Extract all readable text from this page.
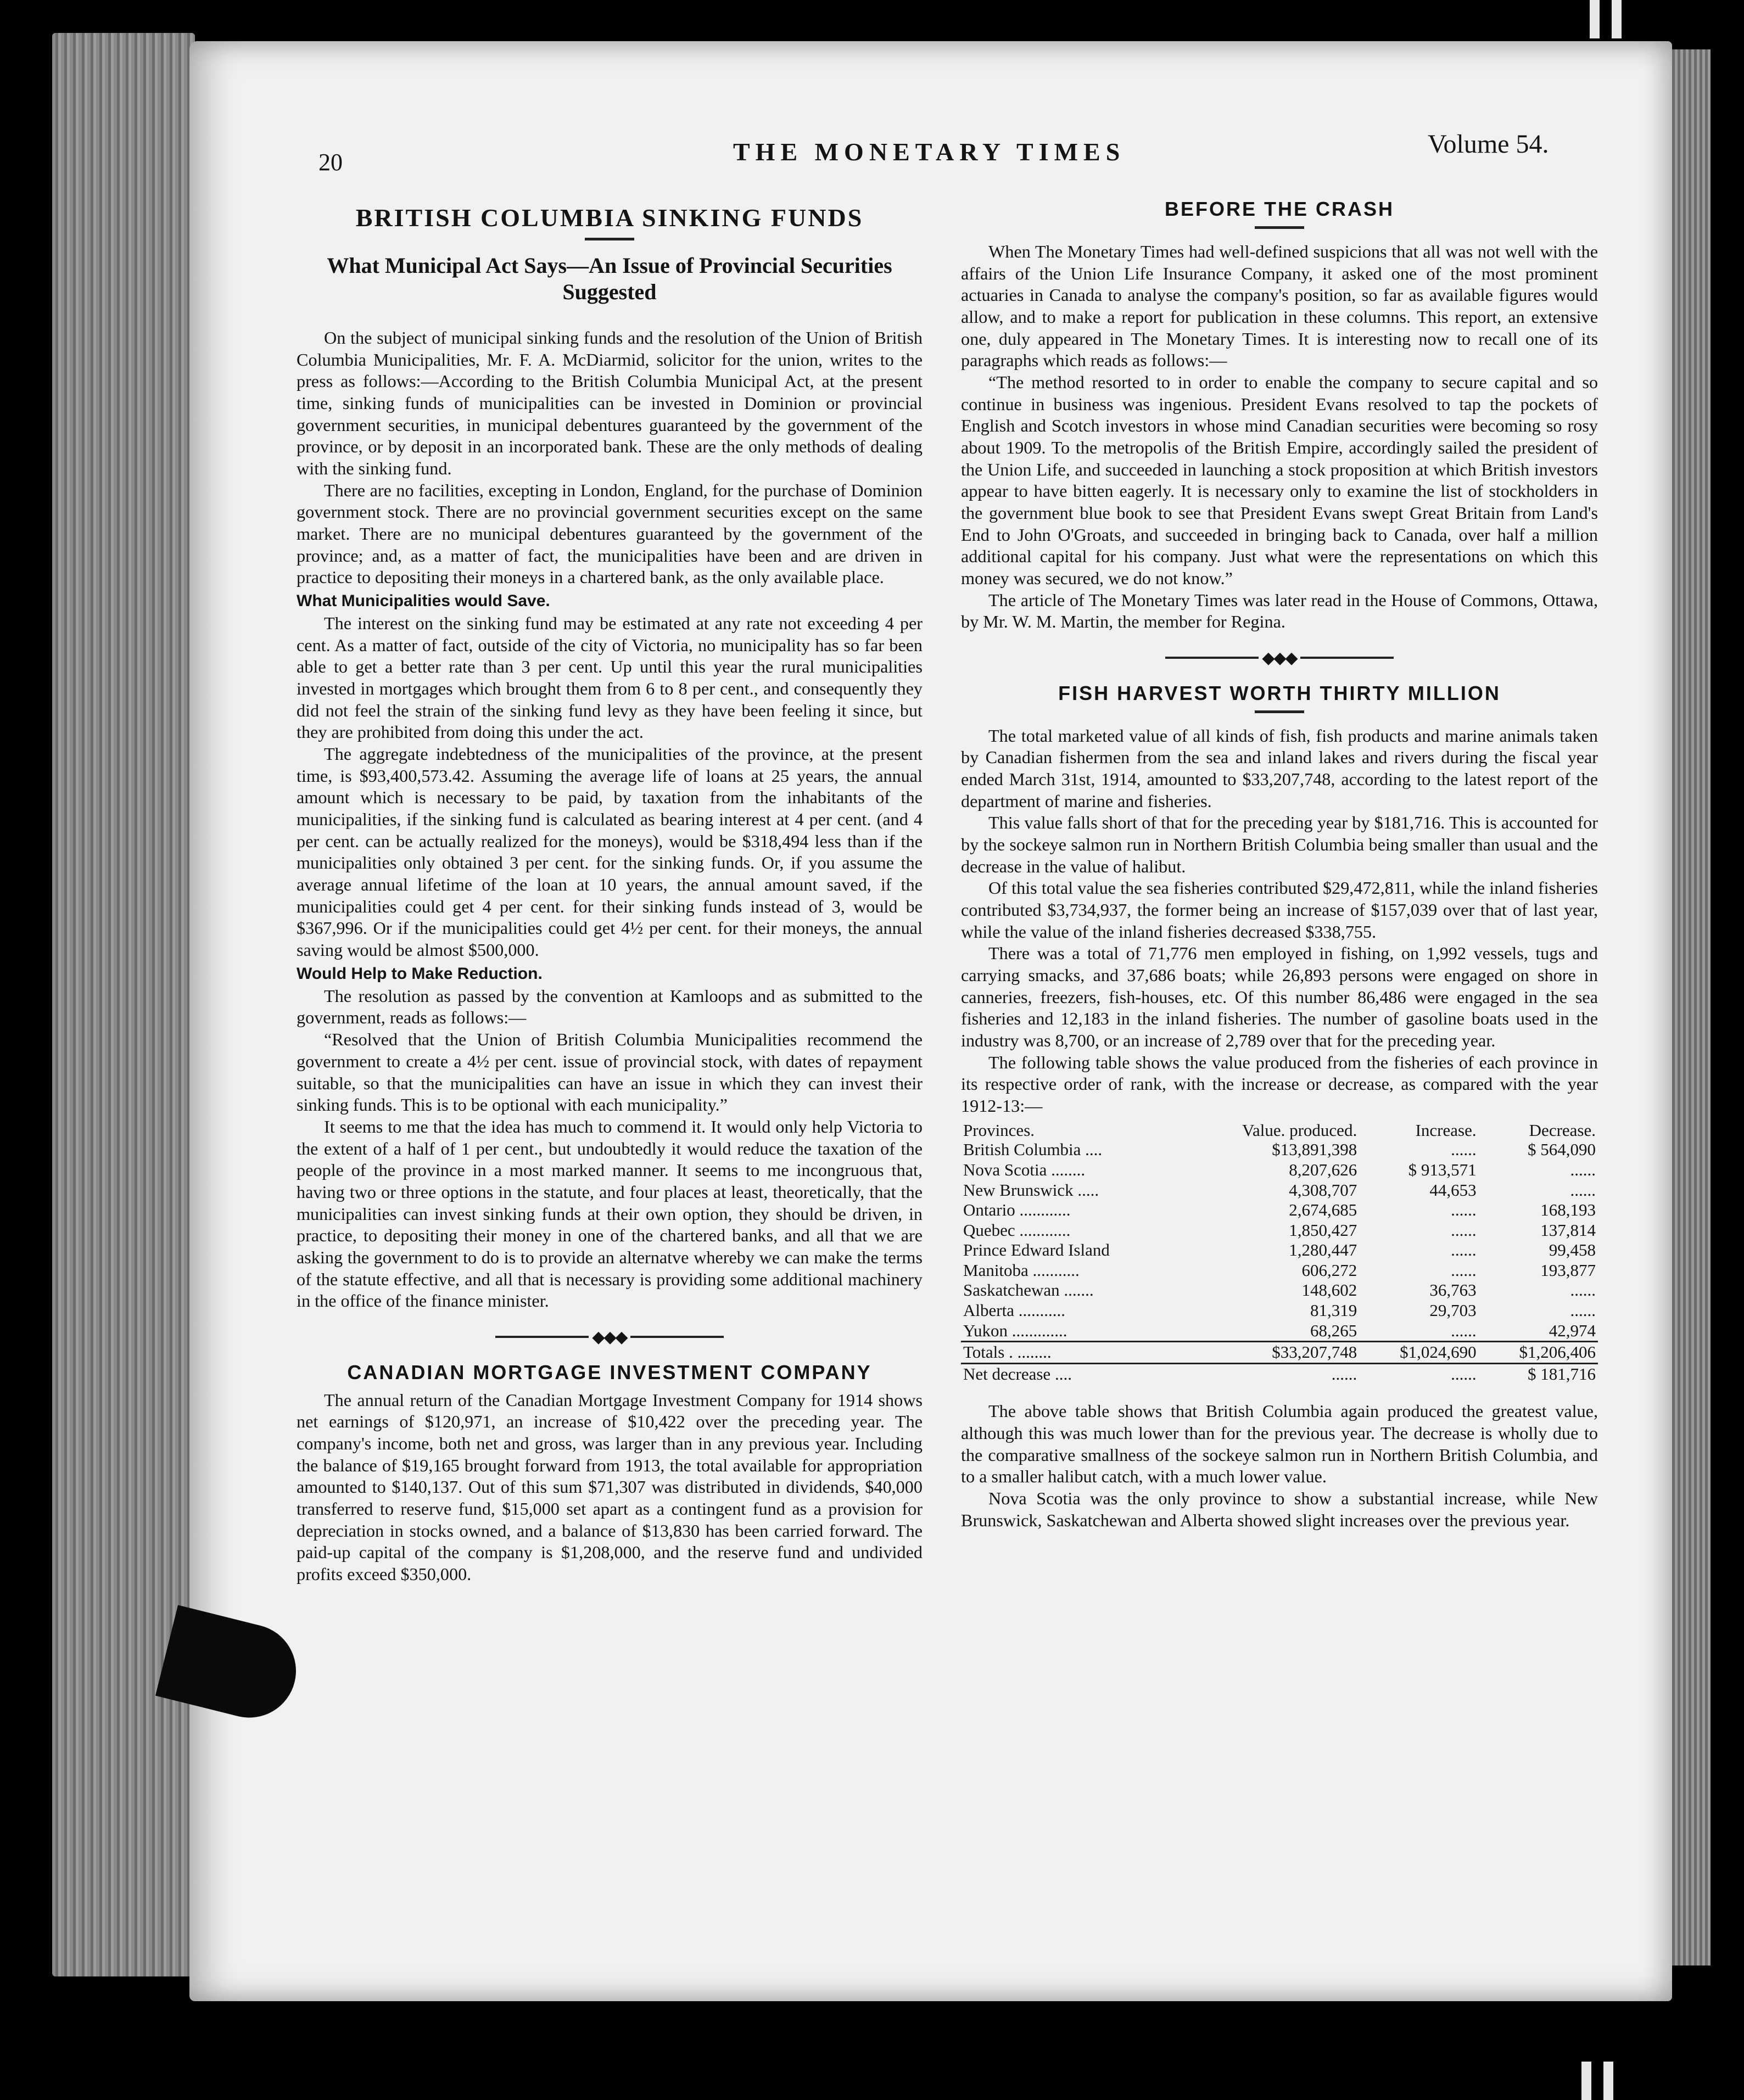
20	THE MONETARY TIMES	Volume 54.
BRITISH COLUMBIA SINKING FUNDS
What Municipal Act Says—An Issue of Provincial Securities Suggested

On the subject of municipal sinking funds and the resolution of the Union of British Columbia Municipalities, Mr. F. A. McDiarmid, solicitor for the union, writes to the press as follows:—According to the British Columbia Municipal Act, at the present time, sinking funds of municipalities can be invested in Dominion or provincial government securities, in municipal debentures guaranteed by the government of the province, or by deposit in an incorporated bank. These are the only methods of dealing with the sinking fund.

There are no facilities, excepting in London, England, for the purchase of Dominion government stock. There are no provincial government securities except on the same market. There are no municipal debentures guaranteed by the government of the province; and, as a matter of fact, the municipalities have been and are driven in practice to depositing their moneys in a chartered bank, as the only available place.

What Municipalities would Save.

The interest on the sinking fund may be estimated at any rate not exceeding 4 per cent. As a matter of fact, outside of the city of Victoria, no municipality has so far been able to get a better rate than 3 per cent. Up until this year the rural municipalities invested in mortgages which brought them from 6 to 8 per cent., and consequently they did not feel the strain of the sinking fund levy as they have been feeling it since, but they are prohibited from doing this under the act.

The aggregate indebtedness of the municipalities of the province, at the present time, is $93,400,573.42. Assuming the average life of loans at 25 years, the annual amount which is necessary to be paid, by taxation from the inhabitants of the municipalities, if the sinking fund is calculated as bearing interest at 4 per cent. (and 4 per cent. can be actually realized for the moneys), would be $318,494 less than if the municipalities only obtained 3 per cent. for the sinking funds. Or, if you assume the average annual lifetime of the loan at 10 years, the annual amount saved, if the municipalities could get 4 per cent. for their sinking funds instead of 3, would be $367,996. Or if the municipalities could get 4½ per cent. for their moneys, the annual saving would be almost $500,000.

Would Help to Make Reduction.

The resolution as passed by the convention at Kamloops and as submitted to the government, reads as follows:—

“Resolved that the Union of British Columbia Municipalities recommend the government to create a 4½ per cent. issue of provincial stock, with dates of repayment suitable, so that the municipalities can have an issue in which they can invest their sinking funds. This is to be optional with each municipality.”

It seems to me that the idea has much to commend it. It would only help Victoria to the extent of a half of 1 per cent., but undoubtedly it would reduce the taxation of the people of the province in a most marked manner. It seems to me incongruous that, having two or three options in the statute, and four places at least, theoretically, that the municipalities can invest sinking funds at their own option, they should be driven, in practice, to depositing their money in one of the chartered banks, and all that we are asking the government to do is to provide an alternatve whereby we can make the terms of the statute effective, and all that is necessary is providing some additional machinery in the office of the finance minister.

◆◆◆
CANADIAN MORTGAGE INVESTMENT COMPANY

The annual return of the Canadian Mortgage Investment Company for 1914 shows net earnings of $120,971, an increase of $10,422 over the preceding year. The company's income, both net and gross, was larger than in any previous year. Including the balance of $19,165 brought forward from 1913, the total available for appropriation amounted to $140,137. Out of this sum $71,307 was distributed in dividends, $40,000 transferred to reserve fund, $15,000 set apart as a contingent fund as a provision for depreciation in stocks owned, and a balance of $13,830 has been carried forward. The paid-up capital of the company is $1,208,000, and the reserve fund and undivided profits exceed $350,000.

BEFORE THE CRASH

When The Monetary Times had well-defined suspicions that all was not well with the affairs of the Union Life Insurance Company, it asked one of the most prominent actuaries in Canada to analyse the company's position, so far as available figures would allow, and to make a report for publication in these columns. This report, an extensive one, duly appeared in The Monetary Times. It is interesting now to recall one of its paragraphs which reads as follows:—

“The method resorted to in order to enable the company to secure capital and so continue in business was ingenious. President Evans resolved to tap the pockets of English and Scotch investors in whose mind Canadian securities were becoming so rosy about 1909. To the metropolis of the British Empire, accordingly sailed the president of the Union Life, and succeeded in launching a stock proposition at which British investors appear to have bitten eagerly. It is necessary only to examine the list of stockholders in the government blue book to see that President Evans swept Great Britain from Land's End to John O'Groats, and succeeded in bringing back to Canada, over half a million additional capital for his company. Just what were the representations on which this money was secured, we do not know.”

The article of The Monetary Times was later read in the House of Commons, Ottawa, by Mr. W. M. Martin, the member for Regina.

◆◆◆
FISH HARVEST WORTH THIRTY MILLION

The total marketed value of all kinds of fish, fish products and marine animals taken by Canadian fishermen from the sea and inland lakes and rivers during the fiscal year ended March 31st, 1914, amounted to $33,207,748, according to the latest report of the department of marine and fisheries.

This value falls short of that for the preceding year by $181,716. This is accounted for by the sockeye salmon run in Northern British Columbia being smaller than usual and the decrease in the value of halibut.

Of this total value the sea fisheries contributed $29,472,811, while the inland fisheries contributed $3,734,937, the former being an increase of $157,039 over that of last year, while the value of the inland fisheries decreased $338,755.

There was a total of 71,776 men employed in fishing, on 1,992 vessels, tugs and carrying smacks, and 37,686 boats; while 26,893 persons were engaged on shore in canneries, freezers, fish-houses, etc. Of this number 86,486 were engaged in the sea fisheries and 12,183 in the inland fisheries. The number of gasoline boats used in the industry was 8,700, or an increase of 2,789 over that for the preceding year.

The following table shows the value produced from the fisheries of each province in its respective order of rank, with the increase or decrease, as compared with the year 1912-13:—

Provinces.	Value. produced.	Increase.	Decrease.
British Columbia ....	$13,891,398	......	$ 564,090
Nova Scotia ........	8,207,626	$ 913,571	......
New Brunswick .....	4,308,707	44,653	......
Ontario ............	2,674,685	......	168,193
Quebec ............	1,850,427	......	137,814
Prince Edward Island	1,280,447	......	99,458
Manitoba ...........	606,272	......	193,877
Saskatchewan .......	148,602	36,763	......
Alberta ...........	81,319	29,703	......
Yukon .............	68,265	......	42,974
Totals . ........	$33,207,748	$1,024,690	$1,206,406
Net decrease ....	......	......	$ 181,716

The above table shows that British Columbia again produced the greatest value, although this was much lower than for the previous year. The decrease is wholly due to the comparative smallness of the sockeye salmon run in Northern British Columbia, and to a smaller halibut catch, with a much lower value.

Nova Scotia was the only province to show a substantial increase, while New Brunswick, Saskatchewan and Alberta showed slight increases over the previous year.
